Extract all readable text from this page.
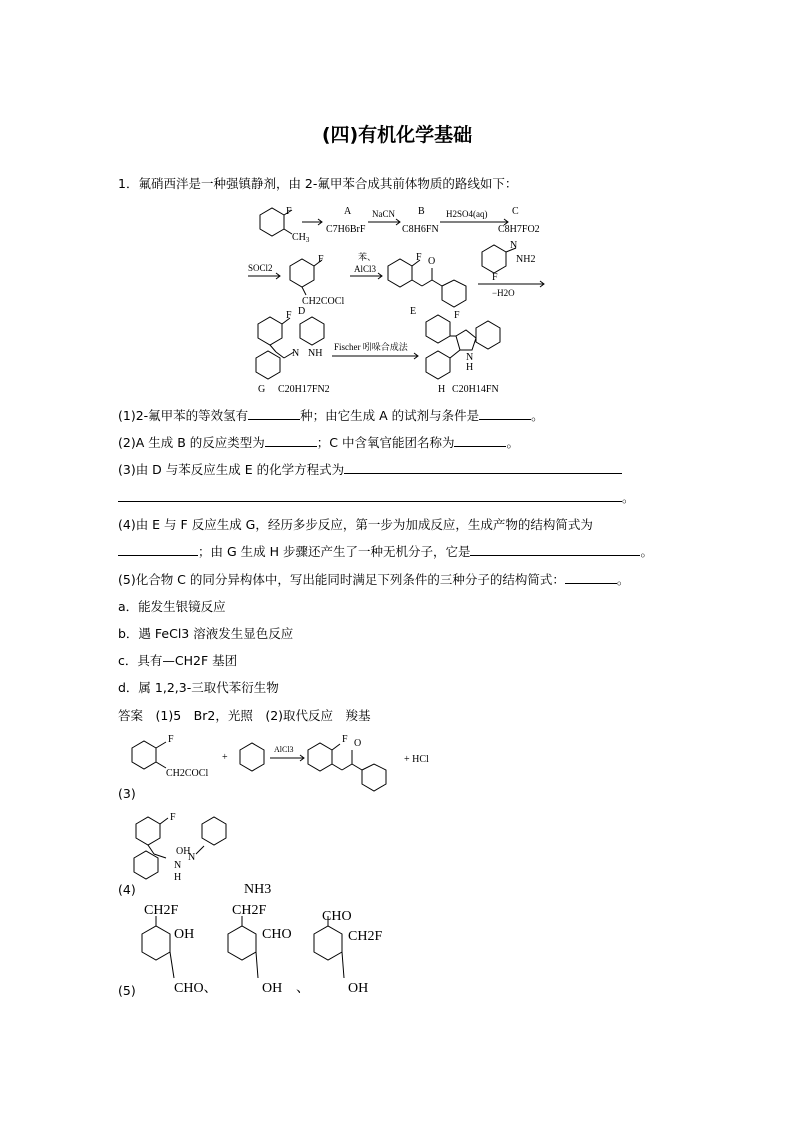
(四)有机化学基础
1．氟硝西泮是一种强镇静剂，由 2-氟甲苯合成其前体物质的路线如下：
F
$CH_3$
A
C7H6BrF
NaCN B
C8H6FN
H2SO4(aq) C
C8H7FO2
SOCl2
F
CH2COCl
D
苯、
AlCl3
F O
E
N
NH2
F
−H2O
F
N NH
G C20H17FN2
Fischer 吲哚合成法
F
N
H
H C20H14FN
(1)2-氟甲苯的等效氢有	种；由它生成 A 的试剂与条件是	。
(2)A 生成 B 的反应类型为	；C 中含氧官能团名称为	。
(3)由 D 与苯反应生成 E 的化学方程式为
。
(4)由 E 与 F 反应生成 G，经历多步反应，第一步为加成反应，生成产物的结构简式为
；由 G 生成 H 步骤还产生了一种无机分子，它是	。
(5)化合物 C 的同分异构体中，写出能同时满足下列条件的三种分子的结构简式：	。
a．能发生银镜反应
b．遇 FeCl3 溶液发生显色反应
c．具有—CH2F 基团
d．属 1,2,3-三取代苯衍生物
答案　(1)5　Br2，光照　(2)取代反应　羧基
F
CH2COCl
+
AlCl3
F O
+ HCl
(3)
F
OH
N
N
H
(4)	NH3
CH2F
OH
CHO、
CH2F
CHO
OH 、
CHO
CH2F
OH
(5)
